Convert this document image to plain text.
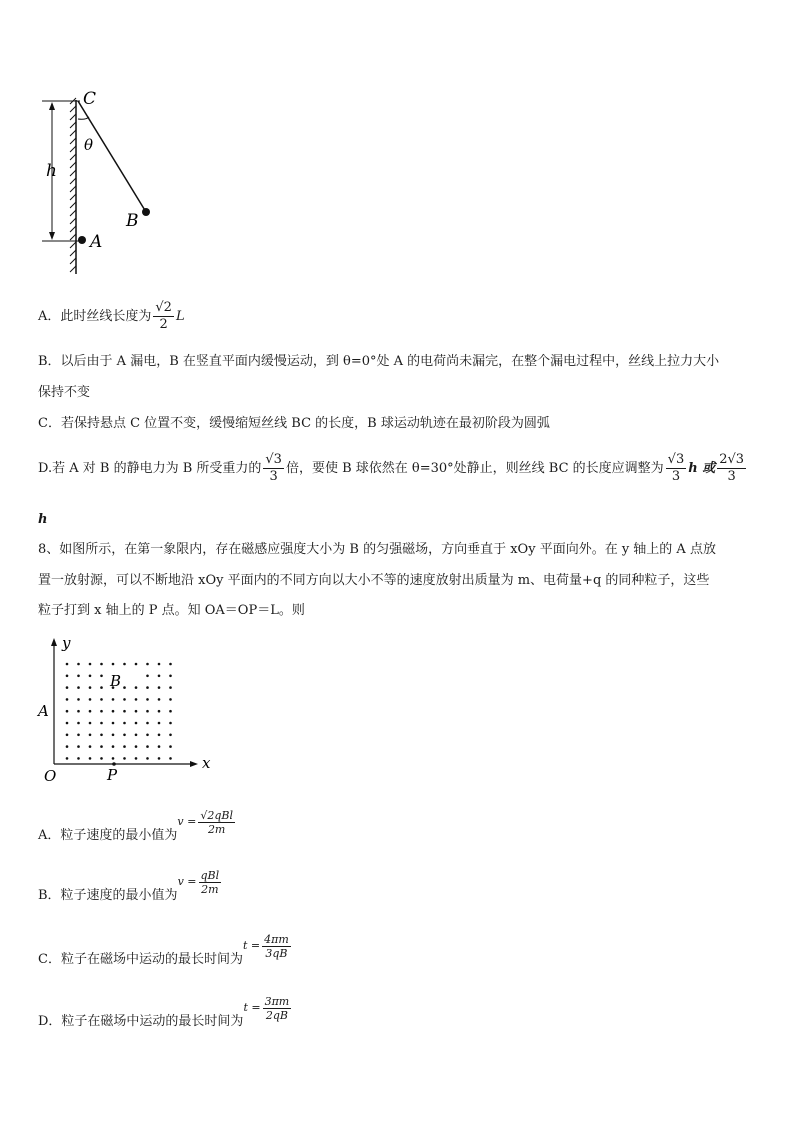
C
θ
h
B
A
A．此时丝线长度为 $\frac{√2}{2}$ L
B．以后由于 A 漏电，B 在竖直平面内缓慢运动，到 θ=0°处 A 的电荷尚未漏完，在整个漏电过程中，丝线上拉力大小
保持不变
C．若保持悬点 C 位置不变，缓慢缩短丝线 BC 的长度，B 球运动轨迹在最初阶段为圆弧
D.若 A 对 B 的静电力为 B 所受重力的 $\frac{√3}{3}$ 倍，要使 B 球依然在 θ=30°处静止，则丝线 BC 的长度应调整为 $\frac{√3}{3}$ h 或 $\frac{2√3}{3}$
h
8、如图所示，在第一象限内，存在磁感应强度大小为 B 的匀强磁场，方向垂直于 xOy 平面向外。在 y 轴上的 A 点放
置一放射源，可以不断地沿 xOy 平面内的不同方向以大小不等的速度放射出质量为 m、电荷量+q 的同种粒子，这些
粒子打到 x 轴上的 P 点。知 OA＝OP＝L。则
y
x
O	P
A
B
A．粒子速度的最小值为
$v = \frac{\text{√2qBl}}{2m}$
B．粒子速度的最小值为
$v = \frac{\text{qBl}}{2m}$
C．粒子在磁场中运动的最长时间为
$t = \frac{4\pi m}{3qB}$
D．粒子在磁场中运动的最长时间为
$t = \frac{3\pi m}{2qB}$
